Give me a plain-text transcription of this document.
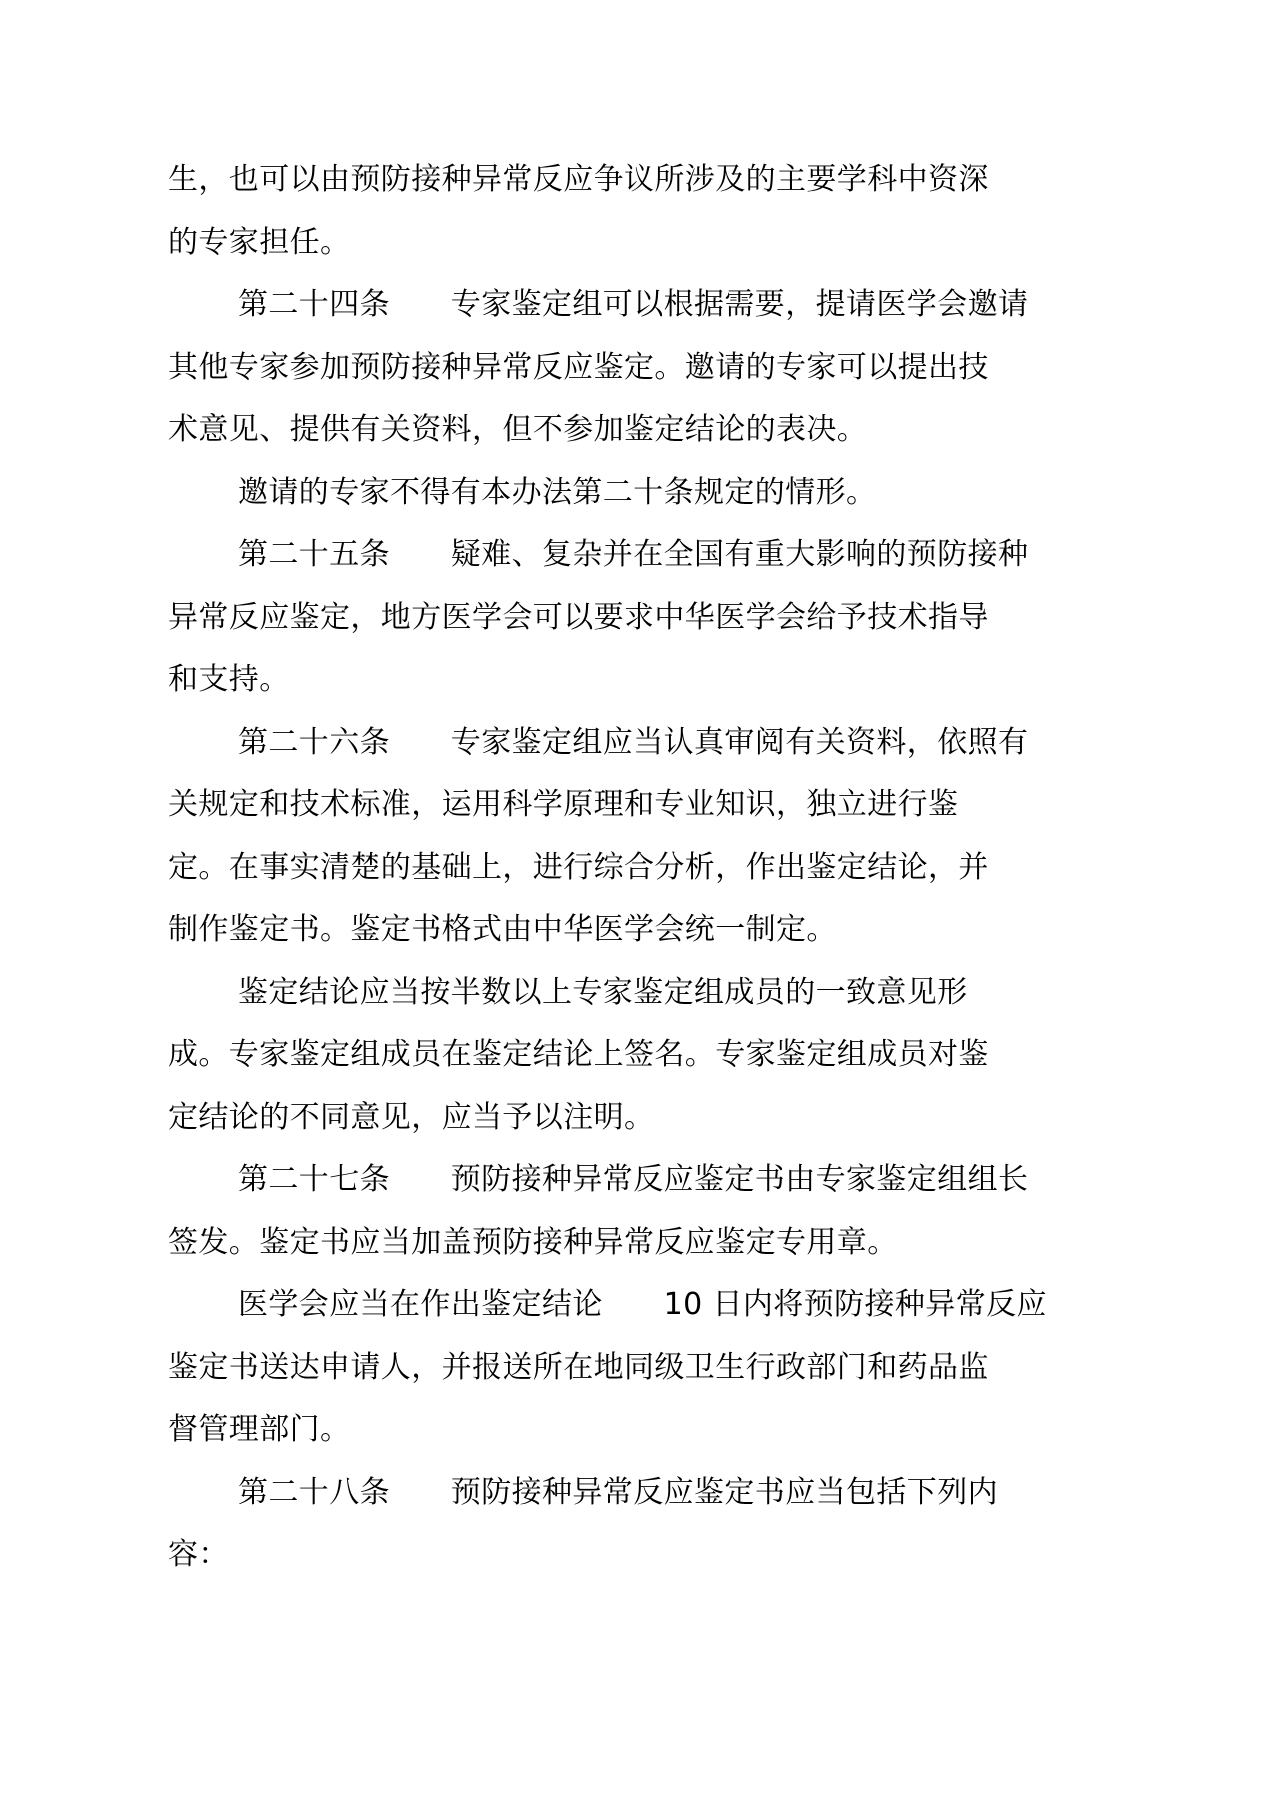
生，也可以由预防接种异常反应争议所涉及的主要学科中资深
的专家担任。
第二十四条　　专家鉴定组可以根据需要，提请医学会邀请
其他专家参加预防接种异常反应鉴定。邀请的专家可以提出技
术意见、提供有关资料，但不参加鉴定结论的表决。
邀请的专家不得有本办法第二十条规定的情形。
第二十五条　　疑难、复杂并在全国有重大影响的预防接种
异常反应鉴定，地方医学会可以要求中华医学会给予技术指导
和支持。
第二十六条　　专家鉴定组应当认真审阅有关资料，依照有
关规定和技术标准，运用科学原理和专业知识，独立进行鉴
定。在事实清楚的基础上，进行综合分析，作出鉴定结论，并
制作鉴定书。鉴定书格式由中华医学会统一制定。
鉴定结论应当按半数以上专家鉴定组成员的一致意见形
成。专家鉴定组成员在鉴定结论上签名。专家鉴定组成员对鉴
定结论的不同意见，应当予以注明。
第二十七条　　预防接种异常反应鉴定书由专家鉴定组组长
签发。鉴定书应当加盖预防接种异常反应鉴定专用章。
医学会应当在作出鉴定结论　　10 日内将预防接种异常反应
鉴定书送达申请人，并报送所在地同级卫生行政部门和药品监
督管理部门。
第二十八条　　预防接种异常反应鉴定书应当包括下列内
容：
